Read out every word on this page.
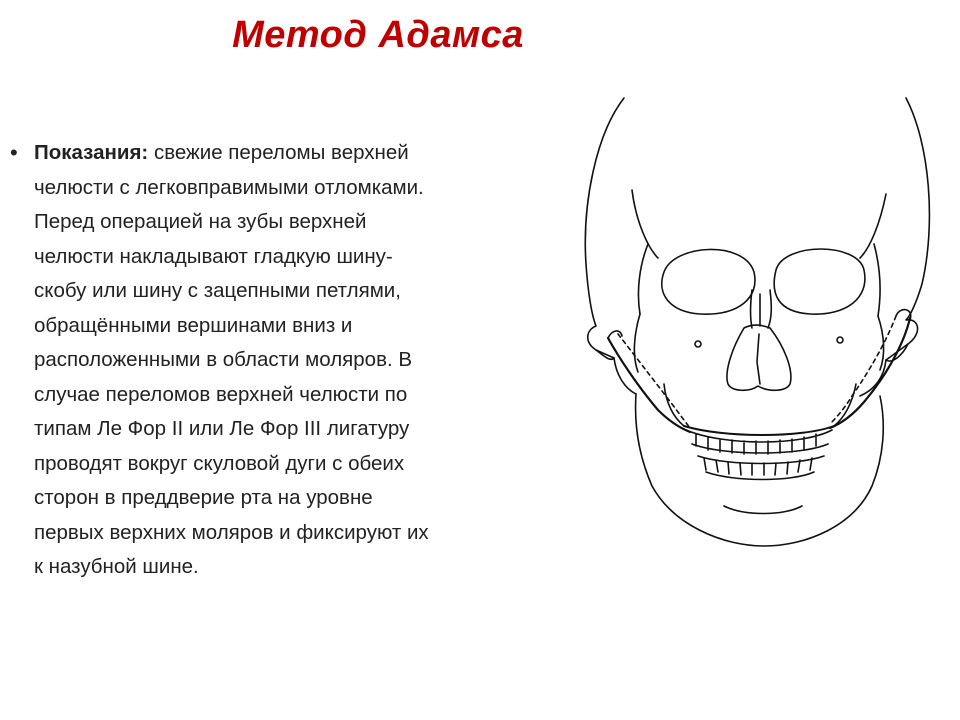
Метод Адамса
• Показания: свежие переломы верхней
челюсти с легковправимыми отломками.
Перед операцией на зубы верхней
челюсти накладывают гладкую шину-
скобу или шину с зацепными петлями,
обращёнными вершинами вниз и
расположенными в области моляров. В
случае переломов верхней челюсти по
типам Ле Фор II или Ле Фор III лигатуру
проводят вокруг скуловой дуги с обеих
сторон в преддверие рта на уровне
первых верхних моляров и фиксируют их
к назубной шине.
